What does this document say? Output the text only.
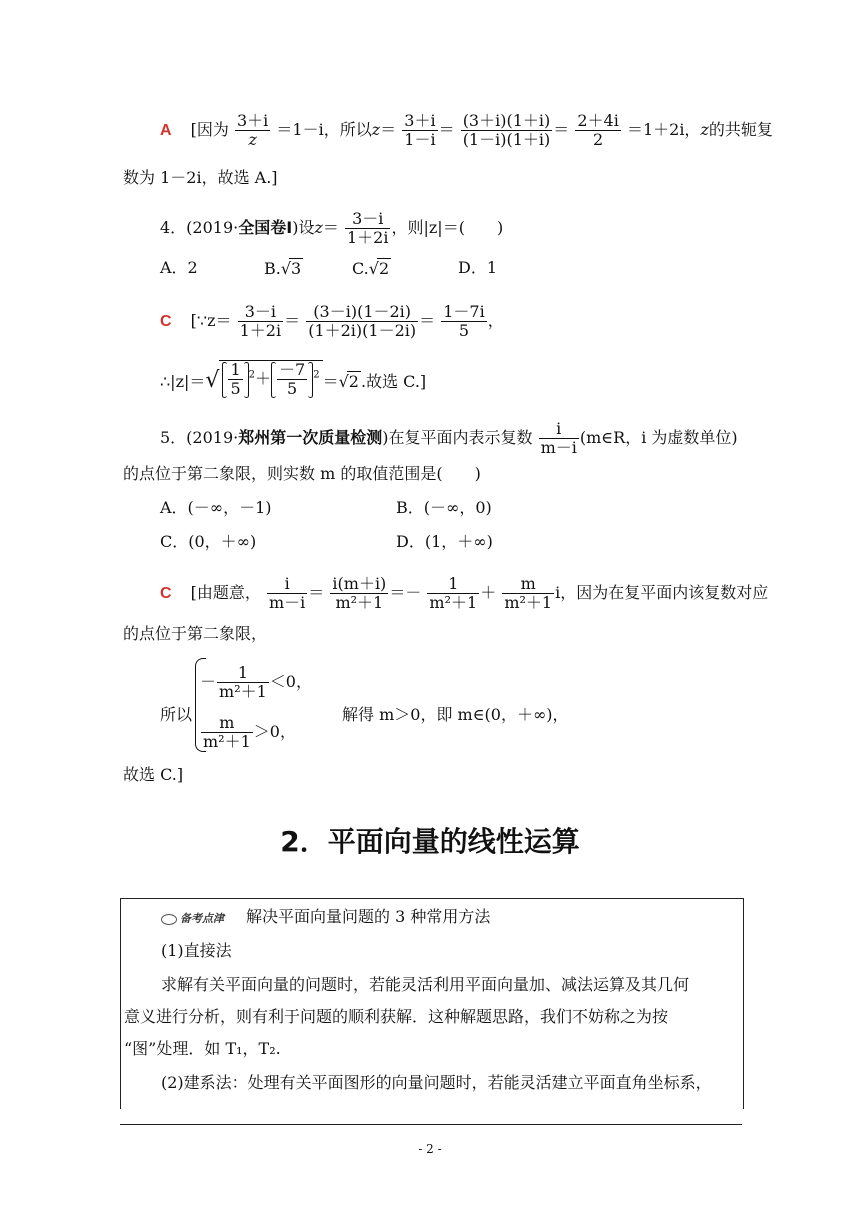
A [因为 $\frac{3+i}{z} =1-i$，所以$z= \frac{3+i}{1-i} = \frac{(3+i)(1+i)}{(1-i)(1+i)} = \frac{2+4i}{2} =1+2i$，z的共轭复
数为 1－2i，故选 A.]
4．(2019·全国卷Ⅰ)设$z= \frac{3-i}{1+2i}$ ，则|z|＝(　　)
A．2	B.√3	C.√2	D．1
C [∵z＝ $\frac{3-i}{1+2i} = \frac{(3-i)(1-2i)}{(1+2i)(1-2i)} = \frac{1-7i}{5}$ ，
∴|z|＝√ $\frac{1}{5} ^2+ \frac{-7}{5} ^2 =√2$ .故选 C.]
5．(2019·郑州第一次质量检测)在复平面内表示复数 $\frac{i}{m-i}$ (m∈R，i 为虚数单位)
的点位于第二象限，则实数 m 的取值范围是(　　)
A．(－∞，－1)	B．(－∞，0)
C．(0，＋∞)	D．(1，＋∞)
C [由题意， $\frac{i}{m-i} = \frac{i(m+i)}{\text{m²＋1}} =- \frac{1}{\text{m²＋1}} + \frac{m}{\text{m²＋1}}$ i，因为在复平面内该复数对应
的点位于第二象限，
所以
－ $\frac{1}{\text{m²＋1}} <0$，
$\frac{m}{\text{m²＋1}} >0$，
解得 m＞0，即 m∈(0，＋∞)，
故选 C.]
2．平面向量的线性运算
备考点津 解决平面向量问题的 3 种常用方法
(1)直接法
求解有关平面向量的问题时，若能灵活利用平面向量加、减法运算及其几何
意义进行分析，则有利于问题的顺利获解．这种解题思路，我们不妨称之为按
“图”处理．如 T₁，T₂.
(2)建系法：处理有关平面图形的向量问题时，若能灵活建立平面直角坐标系，
- 2 -
